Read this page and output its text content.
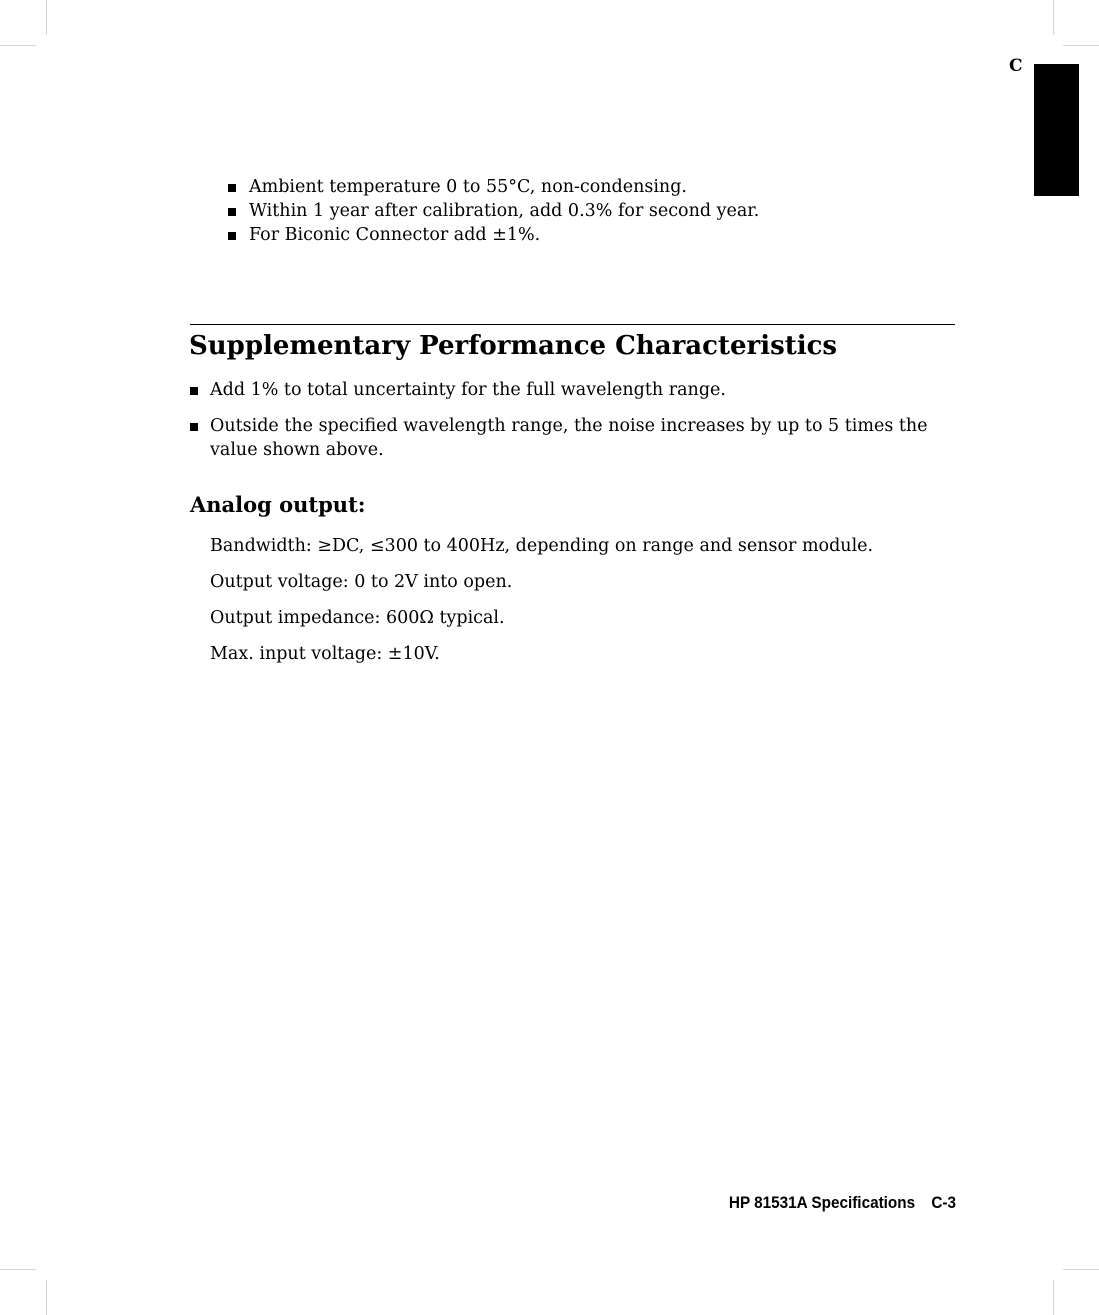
C
Ambient temperature 0 to 55°C, non-condensing.
Within 1 year after calibration, add 0.3% for second year.
For Biconic Connector add ±1%.
Supplementary Performance Characteristics
Add 1% to total uncertainty for the full wavelength range.
Outside the specified wavelength range, the noise increases by up to 5 times the value shown above.
Analog output:
Bandwidth: ≥DC, ≤300 to 400Hz, depending on range and sensor module.
Output voltage: 0 to 2V into open.
Output impedance: 600Ω typical.
Max. input voltage: ±10V.
HP 81531A Specifications C-3
